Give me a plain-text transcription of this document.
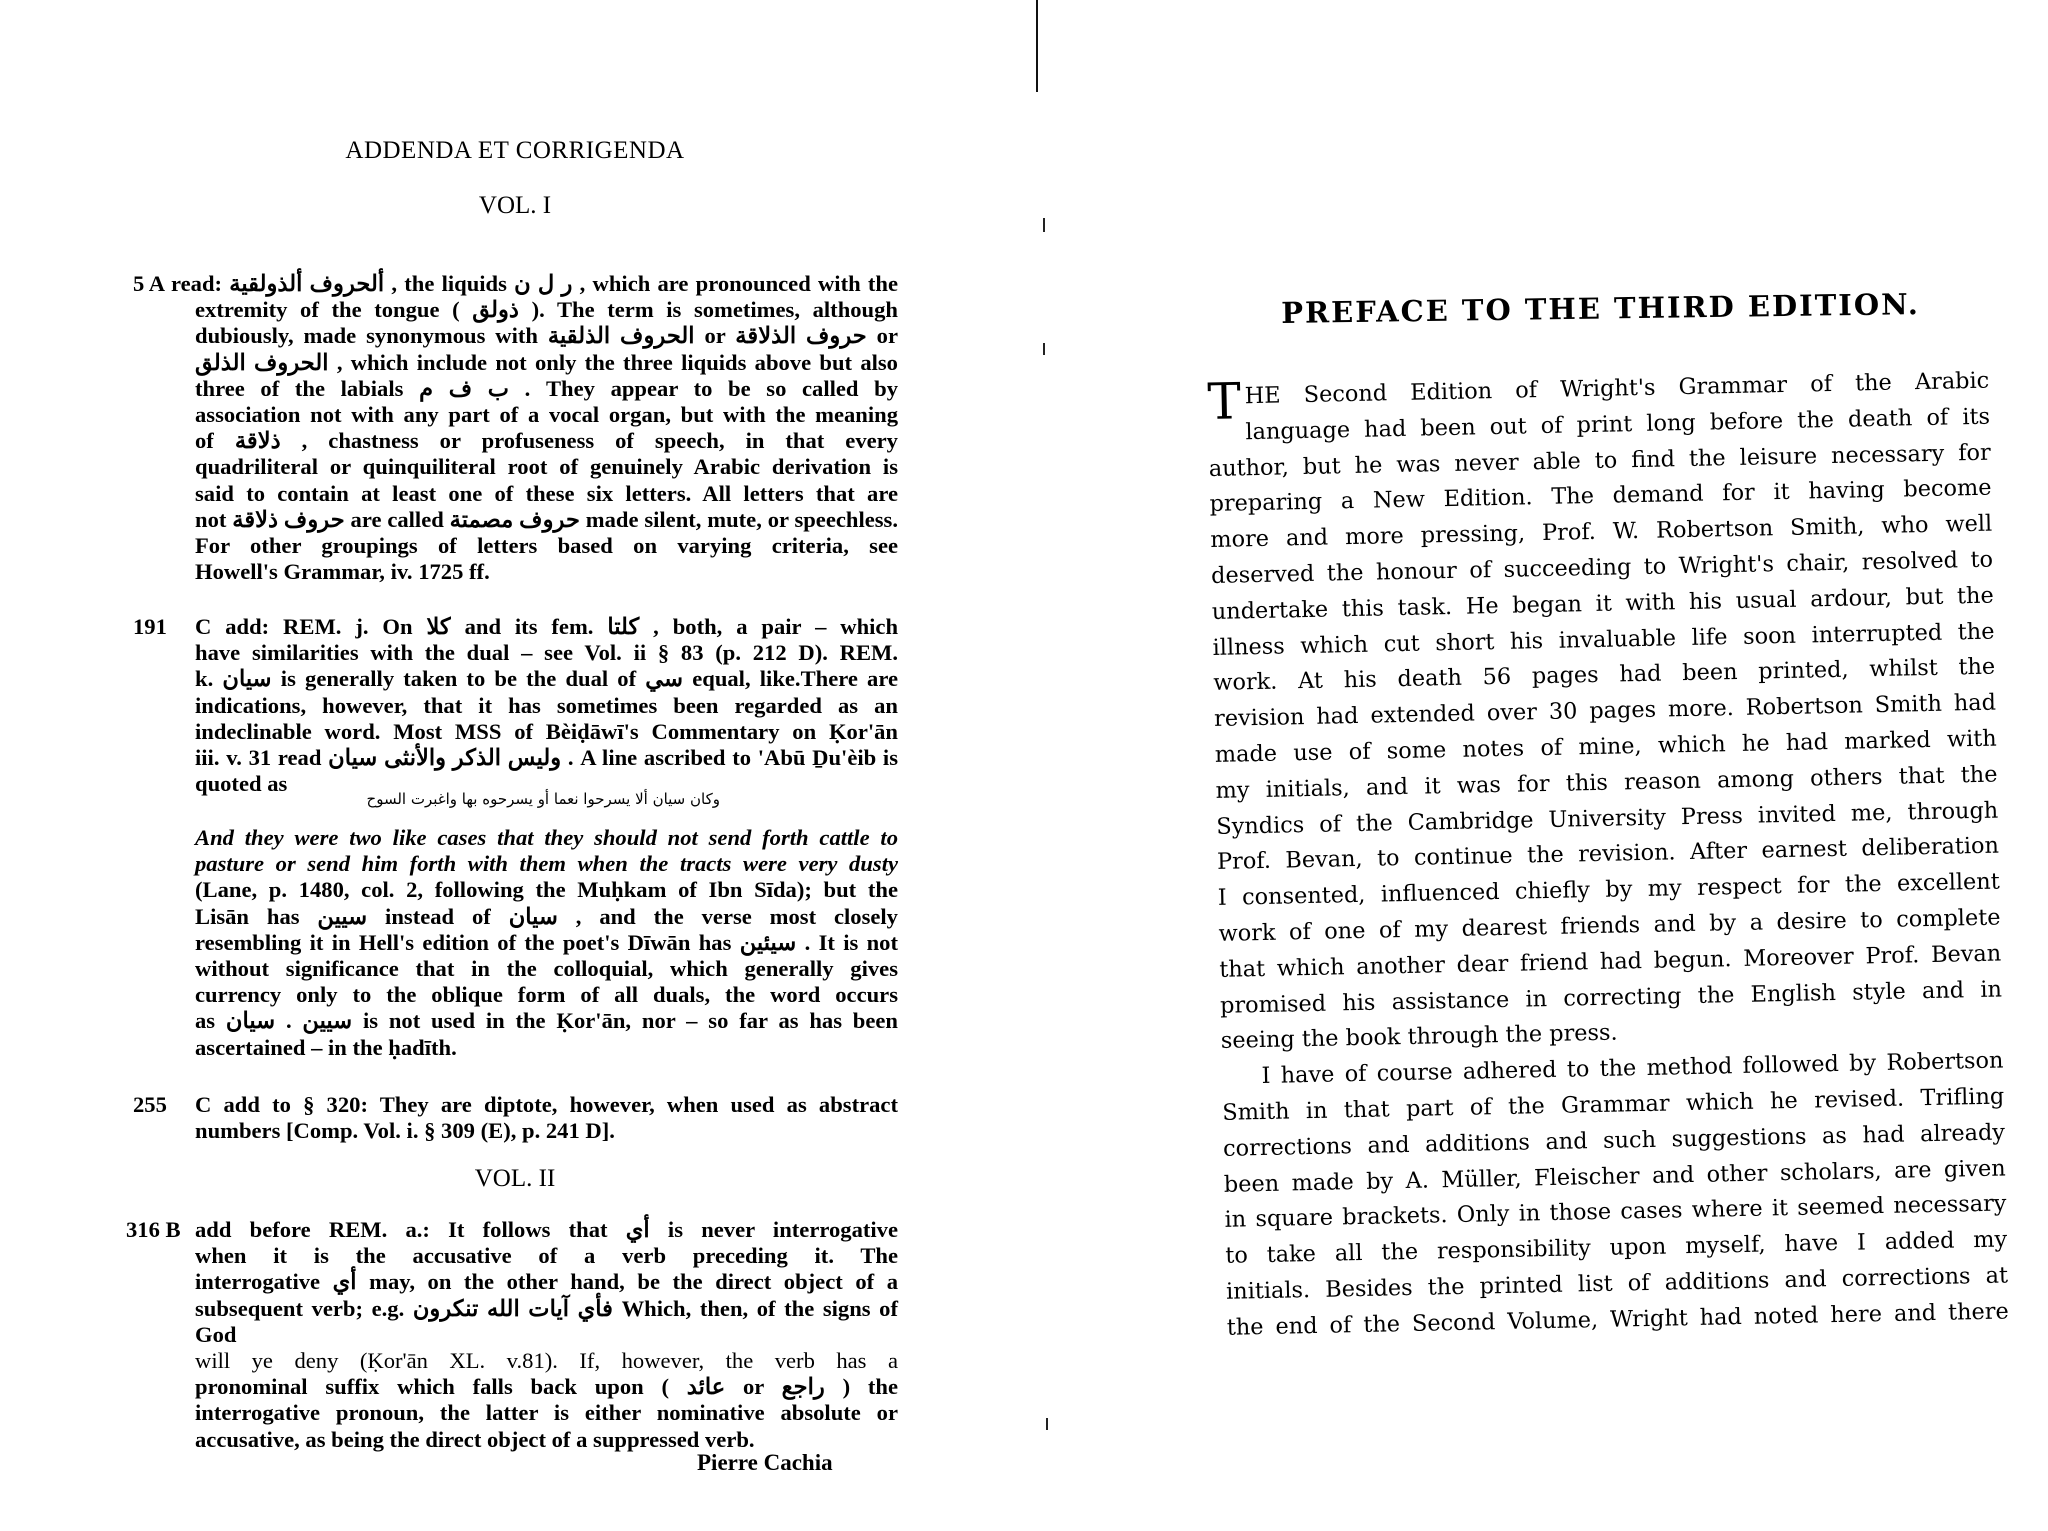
ADDENDA ET CORRIGENDA
VOL. I
5 A read: ألحروف ألذولقية , the liquids ر ل ن , which are pronounced with the
extremity of the tongue ( ذولق ). The term is sometimes, although
dubiously, made synonymous with الحروف الذلقية or حروف الذلاقة or
الحروف الذلق , which include not only the three liquids above but also
three of the labials ب ف م . They appear to be so called by
association not with any part of a vocal organ, but with the meaning
of ذلاقة , chastness or profuseness of speech, in that every
quadriliteral or quinquiliteral root of genuinely Arabic derivation is
said to contain at least one of these six letters. All letters that are
not حروف ذلاقة are called حروف مصمتة made silent, mute, or speechless.
For other groupings of letters based on varying criteria, see
Howell's Grammar, iv. 1725 ff.
191 C add: REM. j. On كلا and its fem. كلتا , both, a pair – which
have similarities with the dual – see Vol. ii § 83 (p. 212 D). REM.
k. سيان is generally taken to be the dual of سي equal, like.There are
indications, however, that it has sometimes been regarded as an
indeclinable word. Most MSS of Bèiḍāwī's Commentary on Ḳor'ān
iii. v. 31 read وليس الذكر والأنثى سيان . A line ascribed to 'Abū Ḏu'èib is
quoted as
وكان سيان ألا يسرحوا نعما أو يسرحوه بها واغبرت السوح
And they were two like cases that they should not send forth cattle to
pasture or send him forth with them when the tracts were very dusty
(Lane, p. 1480, col. 2, following the Muḥkam of Ibn Sīda); but the
Lisān has سيين instead of سيان , and the verse most closely
resembling it in Hell's edition of the poet's Dīwān has سيئين . It is not
without significance that in the colloquial, which generally gives
currency only to the oblique form of all duals, the word occurs
as سيين . سيان is not used in the Ḳor'ān, nor – so far as has been
ascertained – in the ḥadīth.
255 C add to § 320: They are diptote, however, when used as abstract
numbers [Comp. Vol. i. § 309 (E), p. 241 D].
VOL. II
316 B add before REM. a.: It follows that أي is never interrogative
when it is the accusative of a verb preceding it. The
interrogative أي may, on the other hand, be the direct object of a
subsequent verb; e.g. فأي آيات الله تنكرون Which, then, of the signs of God
will ye deny (Ḳor'ān XL. v.81). If, however, the verb has a
pronominal suffix which falls back upon ( عائد or راجع ) the
interrogative pronoun, the latter is either nominative absolute or
accusative, as being the direct object of a suppressed verb.
Pierre Cachia
PREFACE TO THE THIRD EDITION.
T HE Second Edition of Wright's Grammar of the Arabic
language had been out of print long before the death of its
author, but he was never able to find the leisure necessary for
preparing a New Edition. The demand for it having become
more and more pressing, Prof. W. Robertson Smith, who well
deserved the honour of succeeding to Wright's chair, resolved to
undertake this task. He began it with his usual ardour, but the
illness which cut short his invaluable life soon interrupted the
work. At his death 56 pages had been printed, whilst the
revision had extended over 30 pages more. Robertson Smith had
made use of some notes of mine, which he had marked with
my initials, and it was for this reason among others that the
Syndics of the Cambridge University Press invited me, through
Prof. Bevan, to continue the revision. After earnest deliberation
I consented, influenced chiefly by my respect for the excellent
work of one of my dearest friends and by a desire to complete
that which another dear friend had begun. Moreover Prof. Bevan
promised his assistance in correcting the English style and in
seeing the book through the press.
I have of course adhered to the method followed by Robertson
Smith in that part of the Grammar which he revised. Trifling
corrections and additions and such suggestions as had already
been made by A. Müller, Fleischer and other scholars, are given
in square brackets. Only in those cases where it seemed necessary
to take all the responsibility upon myself, have I added my
initials. Besides the printed list of additions and corrections at
the end of the Second Volume, Wright had noted here and there
